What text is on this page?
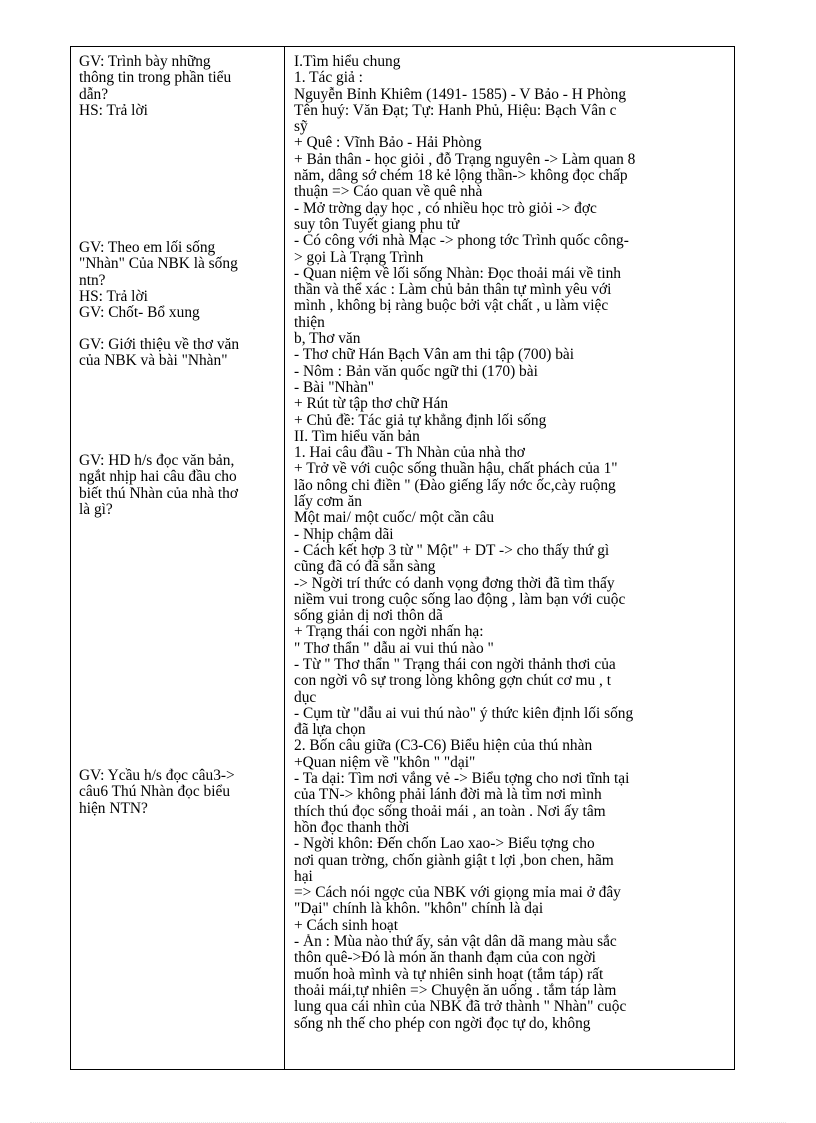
GV: Trình bày những
thông tin trong phần tiểu
dẫn?
HS: Trả lời
GV: Theo em lối sống
"Nhàn" Của NBK là sống
ntn?
HS: Trả lời
GV: Chốt- Bổ xung
GV: Giới thiệu về thơ văn
của NBK và bài "Nhàn"
GV: HD h/s đọc văn bản,
ngắt nhịp hai câu đầu cho
biết thú Nhàn của nhà thơ
là gì?
GV: Ycầu h/s đọc câu3->
câu6 Thú Nhàn đọc biểu
hiện NTN?
I.Tìm hiểu chung
1. Tác giả :
Nguyễn Bỉnh Khiêm (1491- 1585) - V Bảo - H Phòng
Tên huý: Văn Đạt; Tự: Hanh Phủ, Hiệu: Bạch Vân c
sỹ
+ Quê : Vĩnh Bảo - Hải Phòng
+ Bản thân - học giỏi , đỗ Trạng nguyên -> Làm quan 8
năm, dâng sớ chém 18 kẻ lộng thần-> không đọc chấp
thuận => Cáo quan về quê nhà
- Mở trờng dạy học , có nhiều học trò giỏi -> đợc
suy tôn Tuyết giang phu tử
- Có công với nhà Mạc -> phong tớc Trình quốc công-
> gọi Là Trạng Trình
- Quan niệm về lối sống Nhàn: Đọc thoải mái về tinh
thần và thể xác : Làm chủ bản thân tự mình yêu với
mình , không bị ràng buộc bởi vật chất , u làm việc
thiện
b, Thơ văn
- Thơ chữ Hán Bạch Vân am thi tập (700) bài
- Nôm : Bản văn quốc ngữ thi (170) bài
- Bài "Nhàn"
+ Rút từ tập thơ chữ Hán
+ Chủ đề: Tác giả tự khẳng định lối sống
II. Tìm hiểu văn bản
1. Hai câu đầu - Th Nhàn của nhà thơ
+ Trở về với cuộc sống thuần hậu, chất phách của 1"
lão nông chi điền " (Đào giếng lấy nớc ốc,cày ruộng
lấy cơm ăn
Một mai/ một cuốc/ một cần câu
- Nhịp chậm dãi
- Cách kết hợp 3 từ " Một" + DT -> cho thấy thứ gì
cũng đã có đã sẵn sàng
-> Ngời trí thức có danh vọng đơng thời đã tìm thấy
niềm vui trong cuộc sống lao động , làm bạn với cuộc
sống giản dị nơi thôn dã
+ Trạng thái con ngời nhấn hạ:
" Thơ thẩn " dẫu ai vui thú nào "
- Từ " Thơ thẩn " Trạng thái con ngời thảnh thơi của
con ngời vô sự trong lòng không gợn chút cơ mu , t
dục
- Cụm từ "dẫu ai vui thú nào" ý thức kiên định lối sống
đã lựa chọn
2. Bốn câu giữa (C3-C6) Biểu hiện của thú nhàn
+Quan niệm về "khôn " "dại"
- Ta dại: Tìm nơi vắng vẻ -> Biểu tợng cho nơi tĩnh tại
của TN-> không phải lánh đời mà là tìm nơi mình
thích thú đọc sống thoải mái , an toàn . Nơi ấy tâm
hồn đọc thanh thời
- Ngời khôn: Đến chốn Lao xao-> Biểu tợng cho
nơi quan trờng, chốn giành giật t lợi ,bon chen, hãm
hại
=> Cách nói ngợc của NBK với giọng mỉa mai ở đây
"Dại" chính là khôn. "khôn" chính là dại
+ Cách sinh hoạt
- Ăn : Mùa nào thứ ấy, sản vật dân dã mang màu sắc
thôn quê->Đó là món ăn thanh đạm của con ngời
muốn hoà mình và tự nhiên sinh hoạt (tắm táp) rất
thoải mái,tự nhiên => Chuyện ăn uống . tắm táp làm
lung qua cái nhìn của NBK đã trở thành " Nhàn" cuộc
sống nh thế cho phép con ngời đọc tự do, không
